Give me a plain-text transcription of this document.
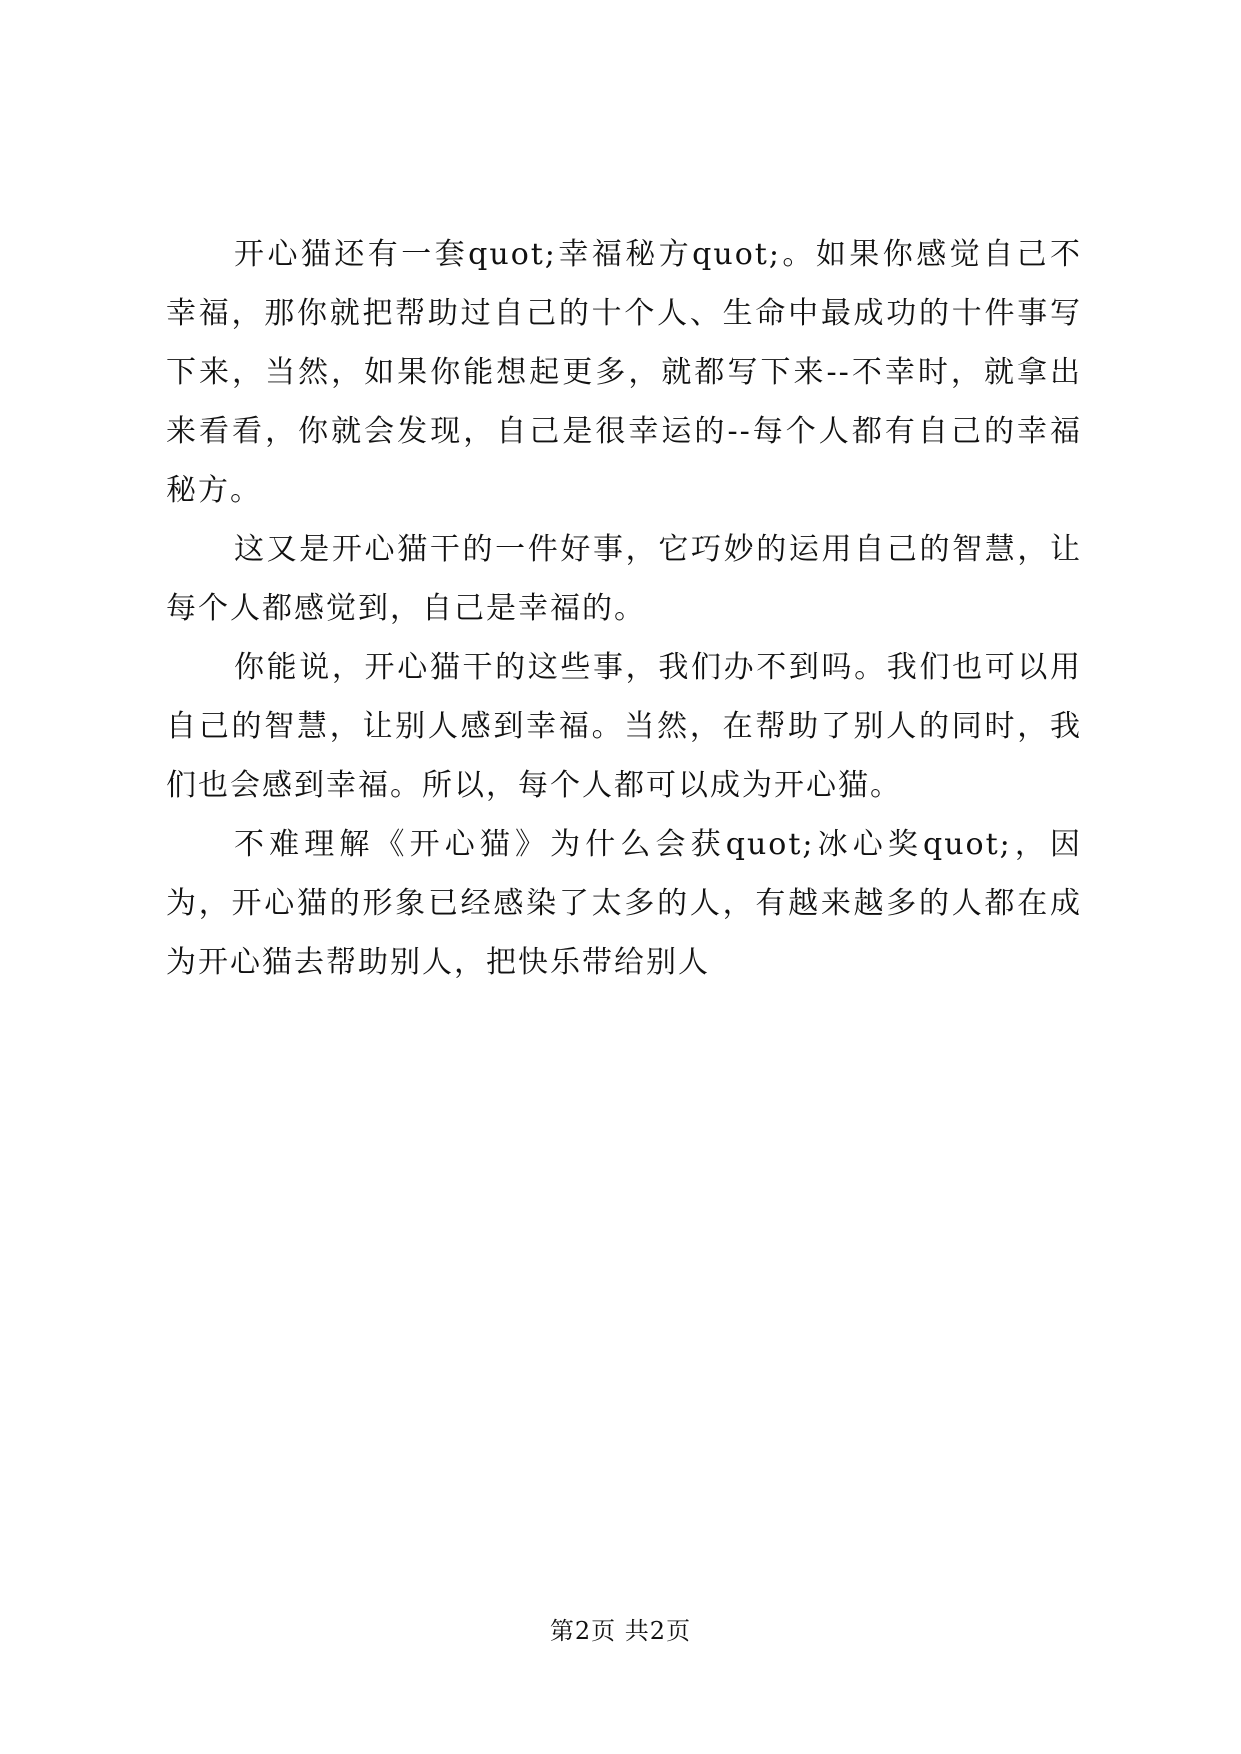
开心猫还有一套quot;幸福秘方quot;。如果你感觉自己不幸福，那你就把帮助过自己的十个人、生命中最成功的十件事写下来，当然，如果你能想起更多，就都写下来--不幸时，就拿出来看看，你就会发现，自己是很幸运的--每个人都有自己的幸福秘方。

这又是开心猫干的一件好事，它巧妙的运用自己的智慧，让每个人都感觉到，自己是幸福的。

你能说，开心猫干的这些事，我们办不到吗。我们也可以用自己的智慧，让别人感到幸福。当然，在帮助了别人的同时，我们也会感到幸福。所以，每个人都可以成为开心猫。

不难理解《开心猫》为什么会获quot;冰心奖quot;，因为，开心猫的形象已经感染了太多的人，有越来越多的人都在成为开心猫去帮助别人，把快乐带给别人

第2页 共2页
